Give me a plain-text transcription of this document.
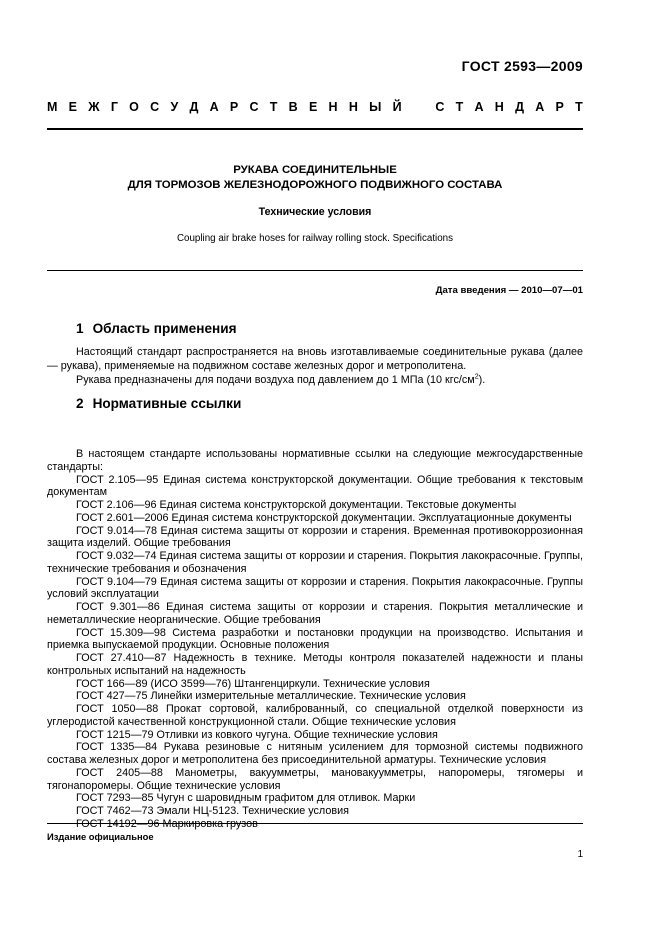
ГОСТ 2593—2009
М Е Ж Г О С У Д А Р С Т В Е Н Н Ы Й	С Т А Н Д А Р Т
РУКАВА СОЕДИНИТЕЛЬНЫЕ
ДЛЯ ТОРМОЗОВ ЖЕЛЕЗНОДОРОЖНОГО ПОДВИЖНОГО СОСТАВА
Технические условия
Coupling air brake hoses for railway rolling stock. Specifications
Дата введения — 2010—07—01
1 Область применения

Настоящий стандарт распространяется на вновь изготавливаемые соединительные рукава (далее — рукава), применяемые на подвижном составе железных дорог и метрополитена.

Рукава предназначены для подачи воздуха под давлением до 1 МПа (10 кгс/$см^2$).

2 Нормативные ссылки

В настоящем стандарте использованы нормативные ссылки на следующие межгосударственные стандарты:

ГОСТ 2.105—95 Единая система конструкторской документации. Общие требования к текстовым документам

ГОСТ 2.106—96 Единая система конструкторской документации. Текстовые документы

ГОСТ 2.601—2006 Единая система конструкторской документации. Эксплуатационные документы

ГОСТ 9.014—78 Единая система защиты от коррозии и старения. Временная противокоррозионная защита изделий. Общие требования

ГОСТ 9.032—74 Единая система защиты от коррозии и старения. Покрытия лакокрасочные. Группы, технические требования и обозначения

ГОСТ 9.104—79 Единая система защиты от коррозии и старения. Покрытия лакокрасочные. Группы условий эксплуатации

ГОСТ 9.301—86 Единая система защиты от коррозии и старения. Покрытия металлические и неметаллические неорганические. Общие требования

ГОСТ 15.309—98 Система разработки и постановки продукции на производство. Испытания и приемка выпускаемой продукции. Основные положения

ГОСТ 27.410—87 Надежность в технике. Методы контроля показателей надежности и планы контрольных испытаний на надежность

ГОСТ 166—89 (ИСО 3599—76) Штангенциркули. Технические условия

ГОСТ 427—75 Линейки измерительные металлические. Технические условия

ГОСТ 1050—88 Прокат сортовой, калиброванный, со специальной отделкой поверхности из углеродистой качественной конструкционной стали. Общие технические условия

ГОСТ 1215—79 Отливки из ковкого чугуна. Общие технические условия

ГОСТ 1335—84 Рукава резиновые с нитяным усилением для тормозной системы подвижного состава железных дорог и метрополитена без присоединительной арматуры. Технические условия

ГОСТ 2405—88 Манометры, вакуумметры, мановакуумметры, напоромеры, тягомеры и тягонапоромеры. Общие технические условия

ГОСТ 7293—85 Чугун с шаровидным графитом для отливок. Марки

ГОСТ 7462—73 Эмали НЦ-5123. Технические условия

ГОСТ 14192—96 Маркировка грузов

Издание официальное
1
